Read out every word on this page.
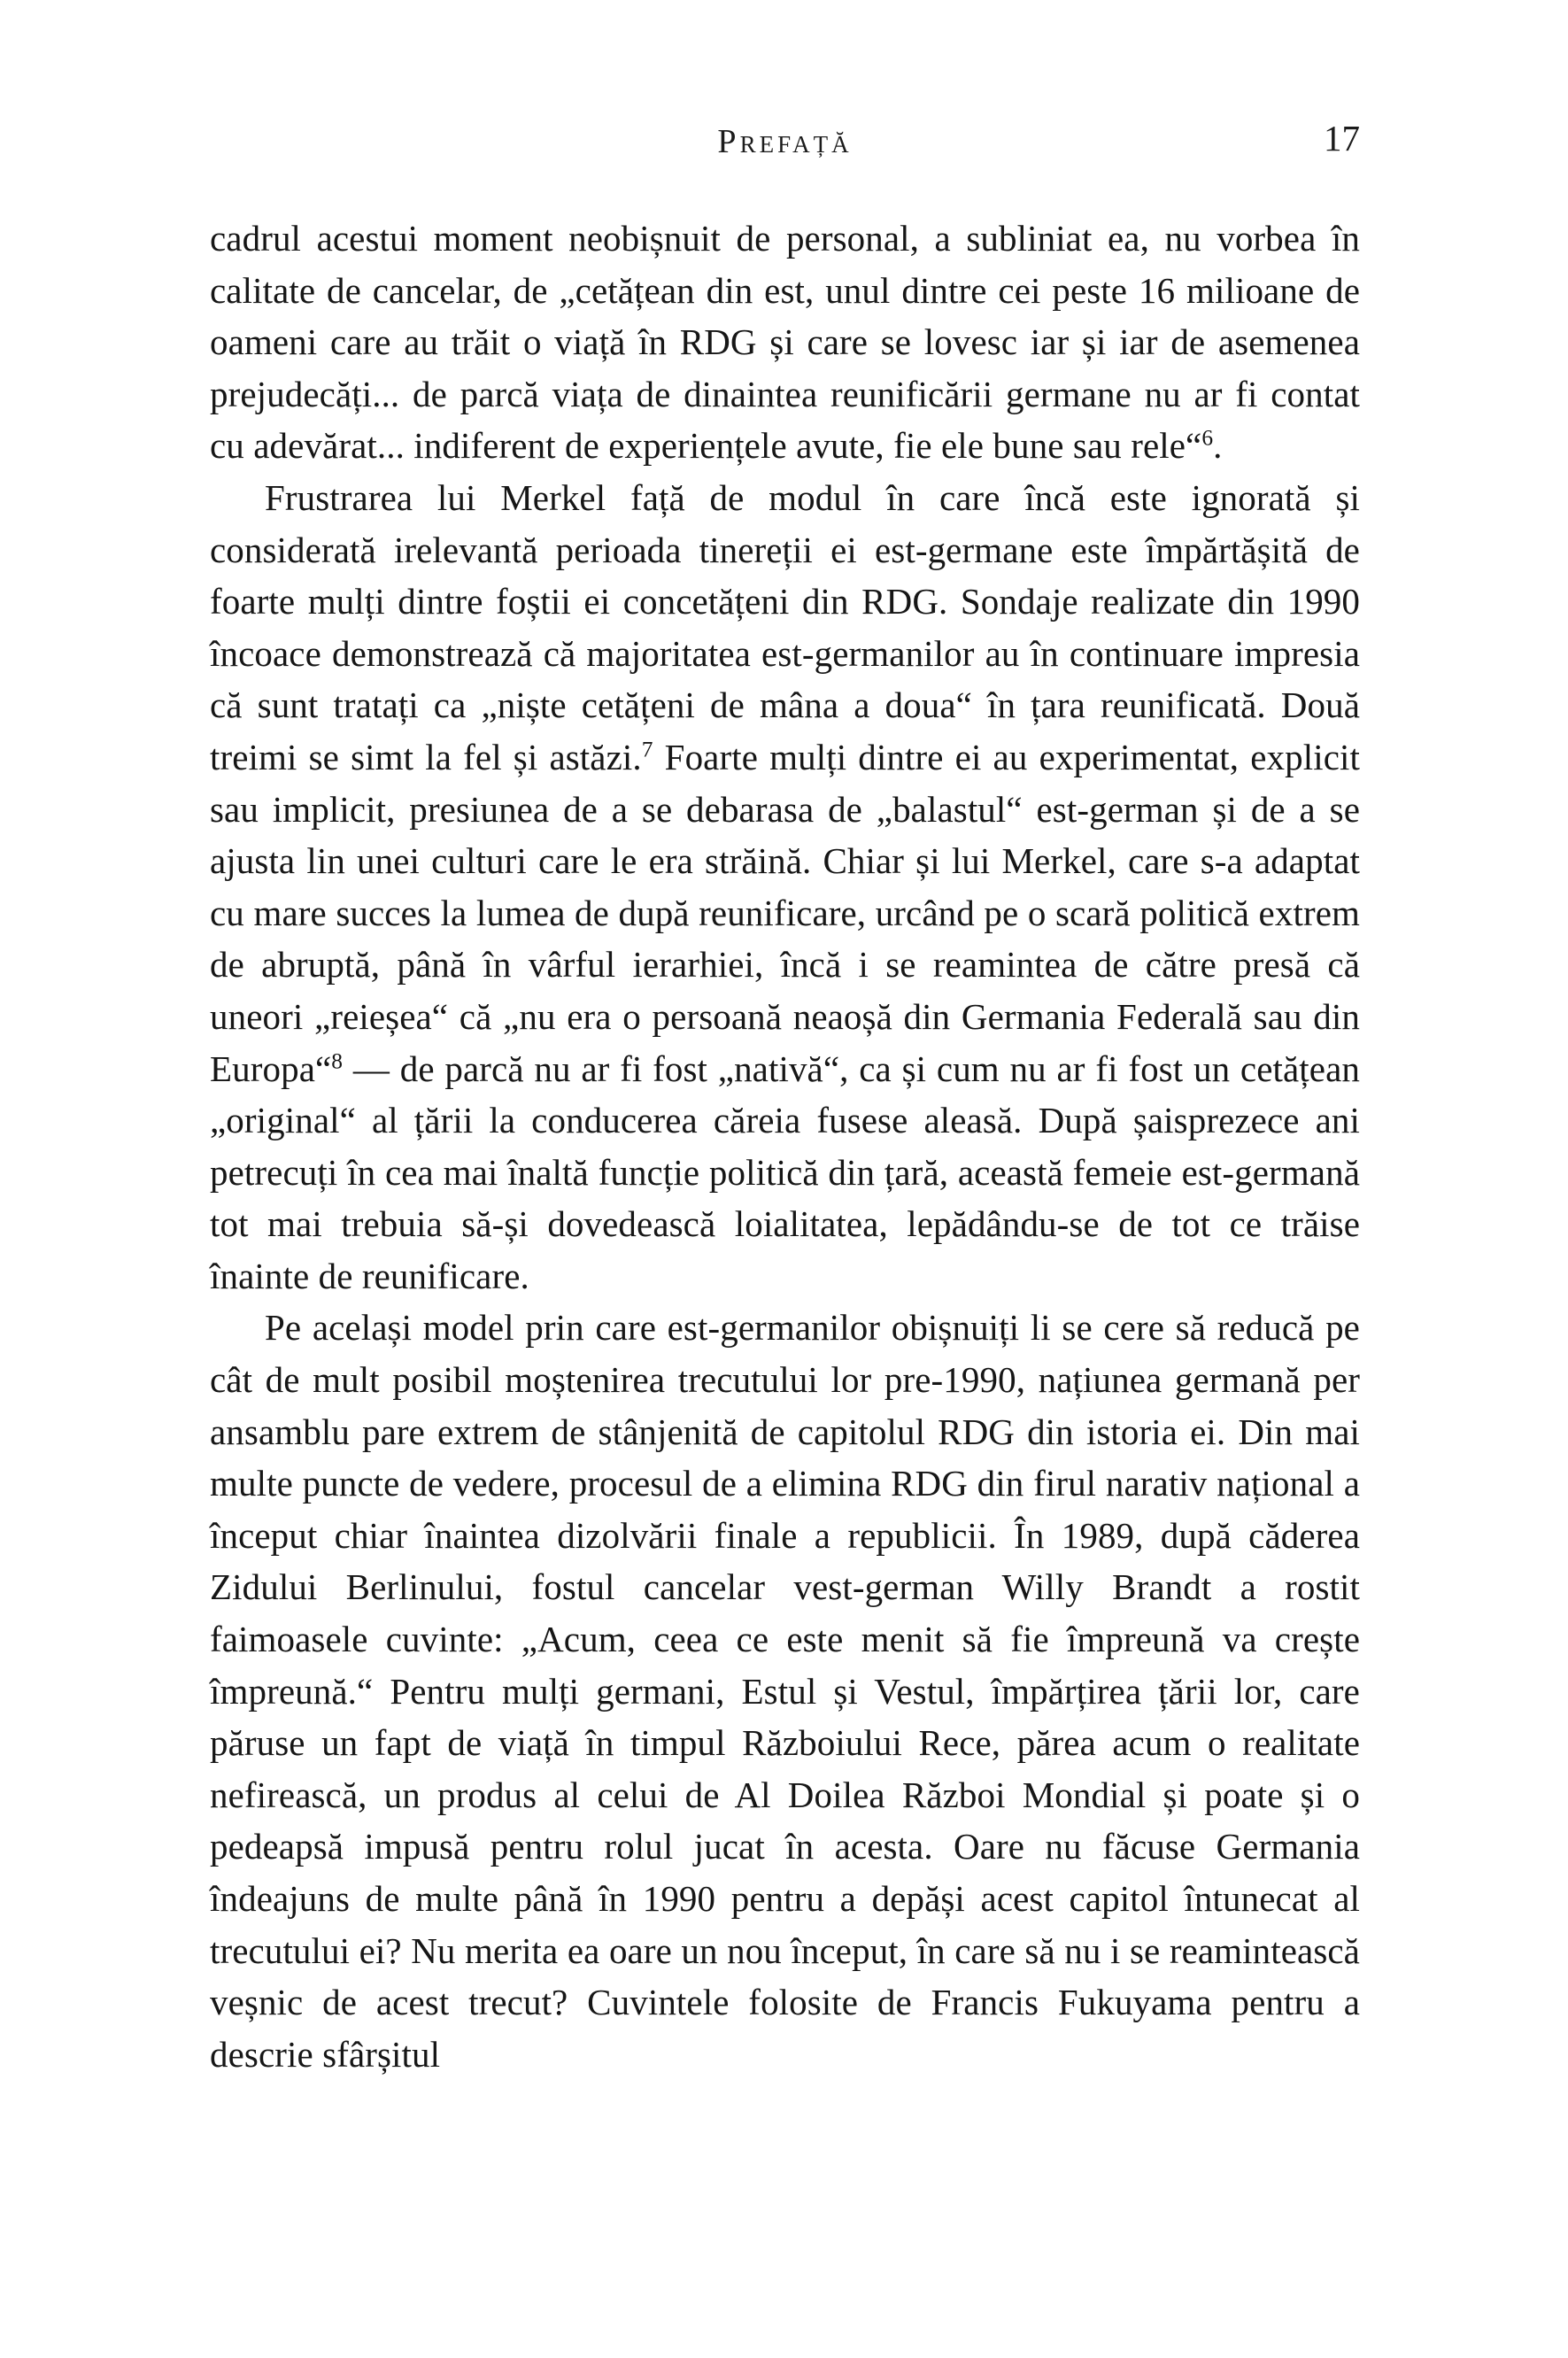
Prefață	17

cadrul acestui moment neobișnuit de personal, a subliniat ea, nu vorbea în calitate de cancelar, de „cetățean din est, unul dintre cei peste 16 milioane de oameni care au trăit o viață în RDG și care se lovesc iar și iar de asemenea prejudecăți... de parcă viața de dinaintea reunificării germane nu ar fi contat cu adevărat... indiferent de experiențele avute, fie ele bune sau rele“$^6$.

Frustrarea lui Merkel față de modul în care încă este ignorată și considerată irelevantă perioada tinereții ei est-germane este împărtășită de foarte mulți dintre foștii ei concetățeni din RDG. Sondaje realizate din 1990 încoace demonstrează că majoritatea est-germanilor au în continuare impresia că sunt tratați ca „niște cetățeni de mâna a doua“ în țara reunificată. Două treimi se simt la fel și astăzi.$^7$ Foarte mulți dintre ei au experimentat, explicit sau implicit, presiunea de a se debarasa de „balastul“ est-german și de a se ajusta lin unei culturi care le era străină. Chiar și lui Merkel, care s-a adaptat cu mare succes la lumea de după reunificare, urcând pe o scară politică extrem de abruptă, până în vârful ierarhiei, încă i se reamintea de către presă că uneori „reieșea“ că „nu era o persoană neaoșă din Germania Federală sau din Europa“$^8$ — de parcă nu ar fi fost „nativă“, ca și cum nu ar fi fost un cetățean „original“ al țării la conducerea căreia fusese aleasă. După șaisprezece ani petrecuți în cea mai înaltă funcție politică din țară, această femeie est-germană tot mai trebuia să-și dovedească loialitatea, lepădându-se de tot ce trăise înainte de reunificare.

Pe același model prin care est-germanilor obișnuiți li se cere să reducă pe cât de mult posibil moștenirea trecutului lor pre-1990, națiunea germană per ansamblu pare extrem de stânjenită de capitolul RDG din istoria ei. Din mai multe puncte de vedere, procesul de a elimina RDG din firul narativ național a început chiar înaintea dizolvării finale a republicii. În 1989, după căderea Zidului Berlinului, fostul cancelar vest-german Willy Brandt a rostit faimoasele cuvinte: „Acum, ceea ce este menit să fie împreună va crește împreună.“ Pentru mulți germani, Estul și Vestul, împărțirea țării lor, care păruse un fapt de viață în timpul Războiului Rece, părea acum o realitate nefirească, un produs al celui de Al Doilea Război Mondial și poate și o pedeapsă impusă pentru rolul jucat în acesta. Oare nu făcuse Germania îndeajuns de multe până în 1990 pentru a depăși acest capitol întunecat al trecutului ei? Nu merita ea oare un nou început, în care să nu i se reamintească veșnic de acest trecut? Cuvintele folosite de Francis Fukuyama pentru a descrie sfârșitul
